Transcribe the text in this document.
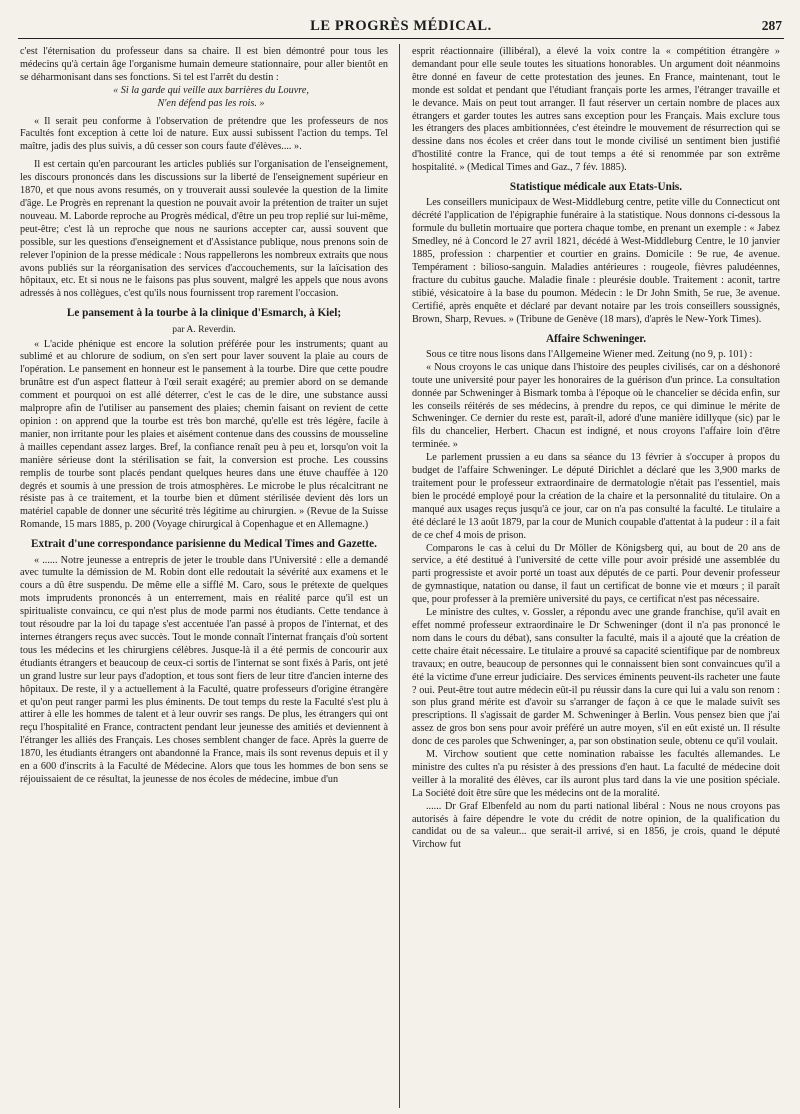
LE PROGRÈS MÉDICAL.	287

c'est l'éternisation du professeur dans sa chaire. Il est bien démontré pour tous les médecins qu'à certain âge l'organisme humain demeure stationnaire, pour aller bientôt en se déharmonisant dans ses fonctions. Si tel est l'arrêt du destin :

« Si la garde qui veille aux barrières du Louvre,

N'en défend pas les rois. »

« Il serait peu conforme à l'observation de prétendre que les professeurs de nos Facultés font exception à cette loi de nature. Eux aussi subissent l'action du temps. Tel maître, jadis des plus suivis, a dû cesser son cours faute d'élèves.... ».

Il est certain qu'en parcourant les articles publiés sur l'organisation de l'enseignement, les discours prononcés dans les discussions sur la liberté de l'enseignement supérieur en 1870, et que nous avons resumés, on y trouverait aussi soulevée la question de la limite d'âge. Le Progrès en reprenant la question ne pouvait avoir la prétention de traiter un sujet nouveau. M. Laborde reproche au Progrès médical, d'être un peu trop replié sur lui-même, peut-être; c'est là un reproche que nous ne saurions accepter car, aussi souvent que possible, sur les questions d'enseignement et d'Assistance publique, nous prenons soin de relever l'opinion de la presse médicale : Nous rappellerons les nombreux extraits que nous avons publiés sur la réorganisation des services d'accouchements, sur la laïcisation des hôpitaux, etc. Et si nous ne le faisons pas plus souvent, malgré les appels que nous avons adressés à nos collègues, c'est qu'ils nous fournissent trop rarement l'occasion.

Le pansement à la tourbe à la clinique d'Esmarch, à Kiel;
par A. Reverdin.

« L'acide phénique est encore la solution préférée pour les instruments; quant au sublimé et au chlorure de sodium, on s'en sert pour laver souvent la plaie au cours de l'opération. Le pansement en honneur est le pansement à la tourbe. Dire que cette poudre brunâtre est d'un aspect flatteur à l'œil serait exagéré; au premier abord on se demande comment et pourquoi on est allé déterrer, c'est le cas de le dire, une substance aussi malpropre afin de l'utiliser au pansement des plaies; chemin faisant on revient de cette opinion : on apprend que la tourbe est très bon marché, qu'elle est très légère, facile à manier, non irritante pour les plaies et aisément contenue dans des coussins de mousseline à mailles cependant assez larges. Bref, la confiance renaît peu à peu et, lorsqu'on voit la manière sérieuse dont la stérilisation se fait, la conversion est proche. Les coussins remplis de tourbe sont placés pendant quelques heures dans une étuve chauffée à 120 degrés et soumis à une pression de trois atmosphères. Le microbe le plus récalcitrant ne résiste pas à ce traitement, et la tourbe bien et dûment stérilisée devient dès lors un matériel capable de donner une sécurité très légitime au chirurgien. » (Revue de la Suisse Romande, 15 mars 1885, p. 200 (Voyage chirurgical à Copenhague et en Allemagne.)

Extrait d'une correspondance parisienne du Medical Times and Gazette.

« ...... Notre jeunesse a entrepris de jeter le trouble dans l'Université : elle a demandé avec tumulte la démission de M. Robin dont elle redoutait la sévérité aux examens et le cours a dû être suspendu. De même elle a sifflé M. Caro, sous le prétexte de quelques mots imprudents prononcés à un enterrement, mais en réalité parce qu'il est un spiritualiste convaincu, ce qui n'est plus de mode parmi nos étudiants. Cette tendance à tout résoudre par la loi du tapage s'est accentuée l'an passé à propos de l'internat, et des internes étrangers reçus avec succès. Tout le monde connaît l'internat français d'où sortent tous les médecins et les chirurgiens célèbres. Jusque-là il a été permis de concourir aux étudiants étrangers et beaucoup de ceux-ci sortis de l'internat se sont fixés à Paris, ont jeté un grand lustre sur leur pays d'adoption, et tous sont fiers de leur titre d'ancien interne des hôpitaux. De reste, il y a actuellement à la Faculté, quatre professeurs d'origine étrangère et qu'on peut ranger parmi les plus éminents. De tout temps du reste la Faculté s'est plu à attirer à elle les hommes de talent et à leur ouvrir ses rangs. De plus, les étrangers qui ont reçu l'hospitalité en France, contractent pendant leur jeunesse des amitiés et deviennent à l'étranger les alliés des Français. Les choses semblent changer de face. Après la guerre de 1870, les étudiants étrangers ont abandonné la France, mais ils sont revenus depuis et il y en a 600 d'inscrits à la Faculté de Médecine. Alors que tous les hommes de bon sens se réjouissaient de ce résultat, la jeunesse de nos écoles de médecine, imbue d'un

esprit réactionnaire (illibéral), a élevé la voix contre la « compétition étrangère » demandant pour elle seule toutes les situations honorables. Un argument doit néanmoins être donné en faveur de cette protestation des jeunes. En France, maintenant, tout le monde est soldat et pendant que l'étudiant français porte les armes, l'étranger travaille et le devance. Mais on peut tout arranger. Il faut réserver un certain nombre de places aux étrangers et garder toutes les autres sans exception pour les Français. Mais exclure tous les étrangers des places ambitionnées, c'est éteindre le mouvement de résurrection qui se dessine dans nos écoles et créer dans tout le monde civilisé un sentiment bien justifié d'hostilité contre la France, qui de tout temps a été si renommée par son extrême hospitalité. » (Medical Times and Gaz., 7 fév. 1885).

Statistique médicale aux Etats-Unis.

Les conseillers municipaux de West-Middleburg centre, petite ville du Connecticut ont décrété l'application de l'épigraphie funéraire à la statistique. Nous donnons ci-dessous la formule du bulletin mortuaire que portera chaque tombe, en prenant un exemple : « Jabez Smedley, né à Concord le 27 avril 1821, décédé à West-Middleburg Centre, le 10 janvier 1885, profession : charpentier et courtier en grains. Domicile : 9e rue, 4e avenue. Tempérament : bilioso-sanguin. Maladies antérieures : rougeole, fièvres paludéennes, fracture du cubitus gauche. Maladie finale : pleurésie double. Traitement : aconit, tartre stibié, vésicatoire à la base du poumon. Médecin : le Dr John Smith, 5e rue, 3e avenue. Certifié, après enquête et déclaré par devant notaire par les trois conseillers soussignés, Brown, Sharp, Revues. » (Tribune de Genève (18 mars), d'après le New-York Times).

Affaire Schweninger.

Sous ce titre nous lisons dans l'Allgemeine Wiener med. Zeitung (no 9, p. 101) :

« Nous croyons le cas unique dans l'histoire des peuples civilisés, car on a déshonoré toute une université pour payer les honoraires de la guérison d'un prince. La consultation donnée par Schweninger à Bismark tomba à l'époque où le chancelier se décida enfin, sur les conseils réitérés de ses médecins, à prendre du repos, ce qui diminue le mérite de Schweninger. Ce dernier du reste est, paraît-il, adoré d'une manière idillyque (sic) par le fils du chancelier, Herbert. Chacun est indigné, et nous croyons l'affaire loin d'être terminée. »

Le parlement prussien a eu dans sa séance du 13 février à s'occuper à propos du budget de l'affaire Schweninger. Le député Dirichlet a déclaré que les 3,900 marks de traitement pour le professeur extraordinaire de dermatologie n'était pas l'essentiel, mais bien le procédé employé pour la création de la chaire et la personnalité du titulaire. On a manqué aux usages reçus jusqu'à ce jour, car on n'a pas consulté la faculté. Le titulaire a été déclaré le 13 août 1879, par la cour de Munich coupable d'attentat à la pudeur : il a fait de ce chef 4 mois de prison.

Comparons le cas à celui du Dr Möller de Königsberg qui, au bout de 20 ans de service, a été destitué à l'université de cette ville pour avoir présidé une assemblée du parti progressiste et avoir porté un toast aux députés de ce parti. Pour devenir professeur de gymnastique, natation ou danse, il faut un certificat de bonne vie et mœurs ; il paraît que, pour professer à la première université du pays, ce certificat n'est pas nécessaire.

Le ministre des cultes, v. Gossler, a répondu avec une grande franchise, qu'il avait en effet nommé professeur extraordinaire le Dr Schweninger (dont il n'a pas prononcé le nom dans le cours du débat), sans consulter la faculté, mais il a ajouté que la création de cette chaire était nécessaire. Le titulaire a prouvé sa capacité scientifique par de nombreux travaux; en outre, beaucoup de personnes qui le connaissent bien sont convaincues qu'il a été la victime d'une erreur judiciaire. Des services éminents peuvent-ils racheter une faute ? oui. Peut-être tout autre médecin eût-il pu réussir dans la cure qui lui a valu son renom : son plus grand mérite est d'avoir su s'arranger de façon à ce que le malade suivît ses prescriptions. Il s'agissait de garder M. Schweninger à Berlin. Vous pensez bien que j'ai assez de gros bon sens pour avoir préféré un autre moyen, s'il en eût existé un. Il résulte donc de ces paroles que Schweninger, a, par son obstination seule, obtenu ce qu'il voulait.

M. Virchow soutient que cette nomination rabaisse les facultés allemandes. Le ministre des cultes n'a pu résister à des pressions d'en haut. La faculté de médecine doit veiller à la moralité des élèves, car ils auront plus tard dans la vie une position spéciale. La Société doit être sûre que les médecins ont de la moralité.

...... Dr Graf Elbenfeld au nom du parti national libéral : Nous ne nous croyons pas autorisés à faire dépendre le vote du crédit de notre opinion, de la qualification du candidat ou de sa valeur... que serait-il arrivé, si en 1856, je crois, quand le député Virchow fut
